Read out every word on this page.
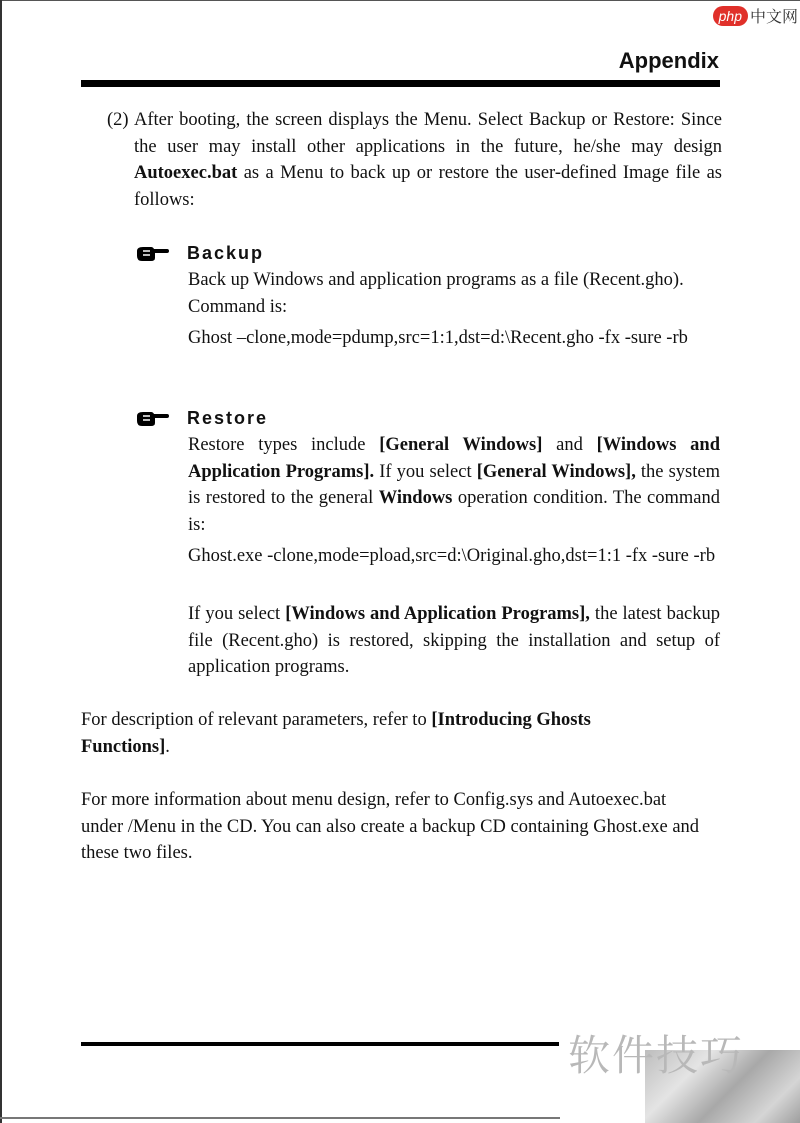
php 中文网
Appendix
(2) After booting, the screen displays the Menu. Select Backup or Restore: Since the user may install other applications in the future, he/she may design Autoexec.bat as a Menu to back up or restore the user-defined Image file as follows:
Backup
Back up Windows and application programs as a file (Recent.gho). Command is:
Ghost –clone,mode=pdump,src=1:1,dst=d:\Recent.gho -fx -sure -rb
Restore
Restore types include [General Windows] and [Windows and Application Programs]. If you select [General Windows], the system is restored to the general Windows operation condition. The command is:
Ghost.exe -clone,mode=pload,src=d:\Original.gho,dst=1:1 -fx -sure -rb
If you select [Windows and Application Programs], the latest backup file (Recent.gho) is restored, skipping the installation and setup of application programs.
For description of relevant parameters, refer to [Introducing Ghosts Functions].
For more information about menu design, refer to Config.sys and Autoexec.bat under /Menu in the CD. You can also create a backup CD containing Ghost.exe and these two files.
软件技巧
